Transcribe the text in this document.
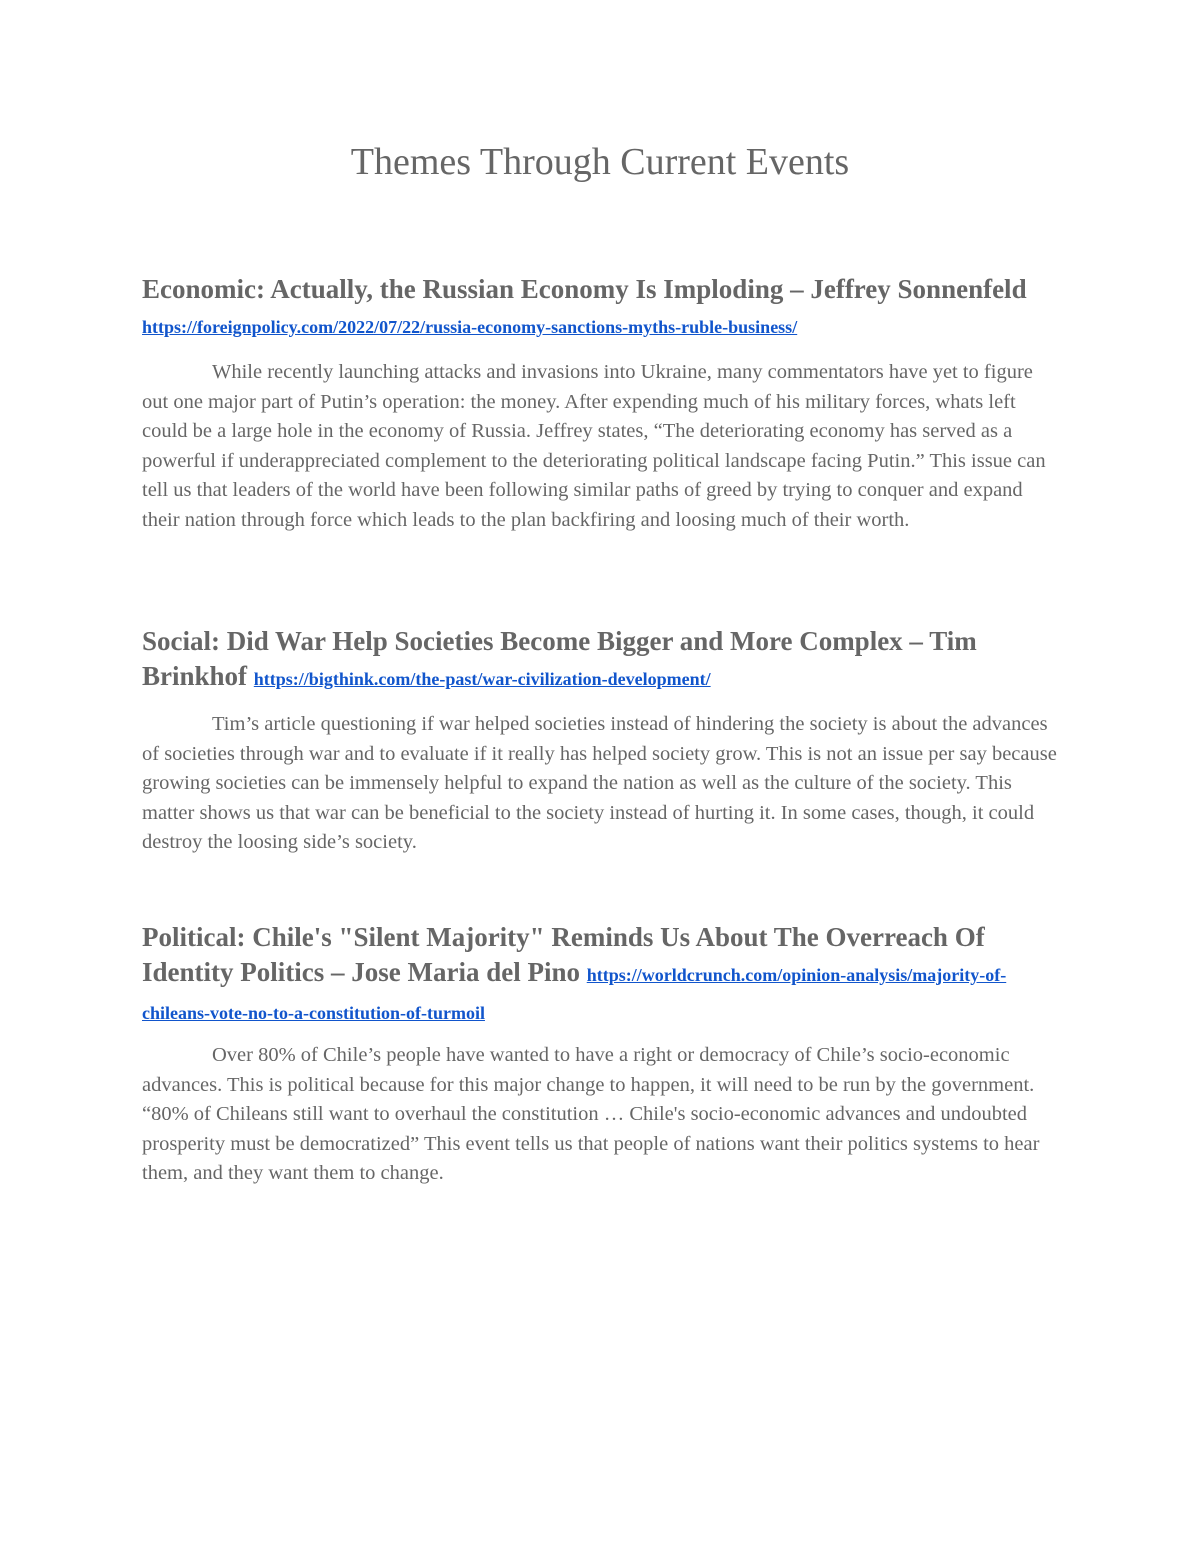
Themes Through Current Events

Economic: Actually, the Russian Economy Is Imploding – Jeffrey Sonnenfeld https://foreignpolicy.com/2022/07/22/russia-economy-sanctions-myths-ruble-business/

While recently launching attacks and invasions into Ukraine, many commentators have yet to figure out one major part of Putin’s operation: the money. After expending much of his military forces, whats left could be a large hole in the economy of Russia. Jeffrey states, “The deteriorating economy has served as a powerful if underappreciated complement to the deteriorating political landscape facing Putin.” This issue can tell us that leaders of the world have been following similar paths of greed by trying to conquer and expand their nation through force which leads to the plan backfiring and loosing much of their worth.

Social: Did War Help Societies Become Bigger and More Complex – Tim Brinkhof https://bigthink.com/the-past/war-civilization-development/

Tim’s article questioning if war helped societies instead of hindering the society is about the advances of societies through war and to evaluate if it really has helped society grow. This is not an issue per say because growing societies can be immensely helpful to expand the nation as well as the culture of the society. This matter shows us that war can be beneficial to the society instead of hurting it. In some cases, though, it could destroy the loosing side’s society.

Political: Chile's "Silent Majority" Reminds Us About The Overreach Of Identity Politics – Jose Maria del Pino https://worldcrunch.com/opinion-analysis/majority-of-chileans-vote-no-to-a-constitution-of-turmoil

Over 80% of Chile’s people have wanted to have a right or democracy of Chile’s socio-economic advances. This is political because for this major change to happen, it will need to be run by the government. “80% of Chileans still want to overhaul the constitution … Chile's socio-economic advances and undoubted prosperity must be democratized” This event tells us that people of nations want their politics systems to hear them, and they want them to change.
